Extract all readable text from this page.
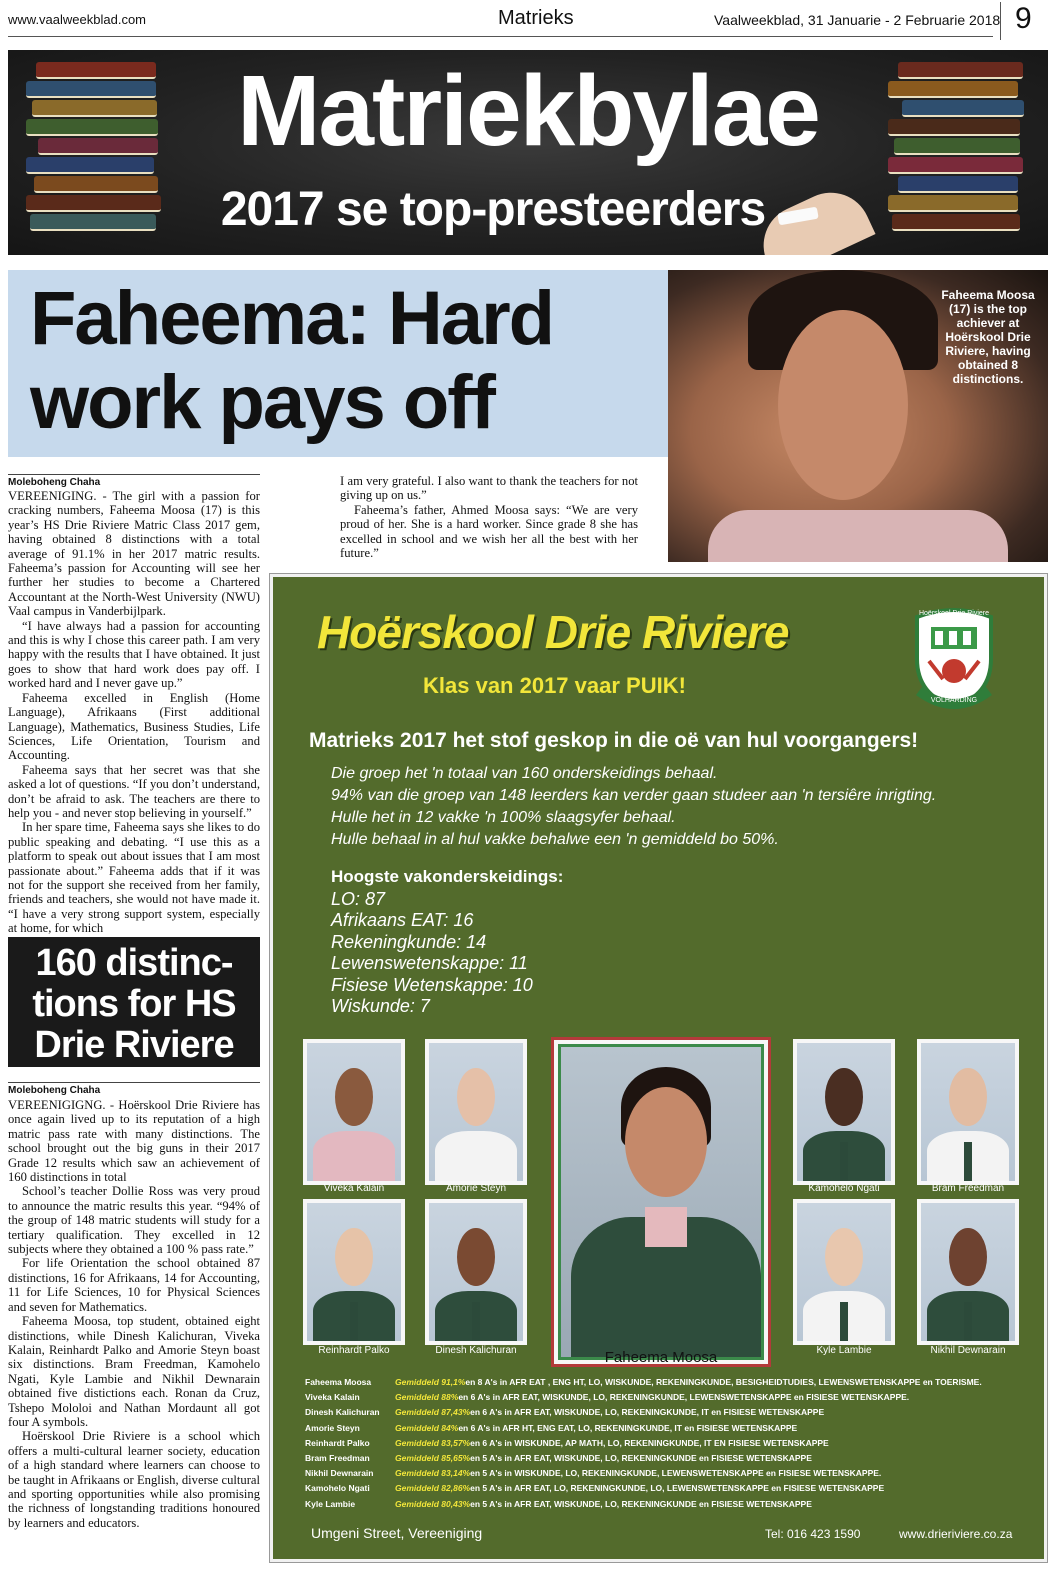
www.vaalweekblad.com	Matrieks	Vaalweekblad, 31 Januarie - 2 Februarie 2018 9
Matriekbylae
2017 se top-presteerders
Faheema: Hard
work pays off
Faheema Moosa (17) is the top achiever at Hoërskool Drie Riviere, having obtained 8 distinctions.
Moleboheng Chaha

VEREENIGING. - The girl with a passion for cracking numbers, Faheema Moosa (17) is this year’s HS Drie Riviere Matric Class 2017 gem, having obtained 8 distinctions with a total average of 91.1% in her 2017 matric results. Faheema’s passion for Accounting will see her further her studies to become a Chartered Accountant at the North-West University (NWU) Vaal campus in Vanderbijlpark.

“I have always had a passion for accounting and this is why I chose this career path. I am very happy with the results that I have obtained. It just goes to show that hard work does pay off. I worked hard and I never gave up.”

Faheema excelled in English (Home Language), Afrikaans (First additional Language), Mathematics, Business Studies, Life Sciences, Life Orientation, Tourism and Accounting.

Faheema says that her secret was that she asked a lot of questions. “If you don’t understand, don’t be afraid to ask. The teachers are there to help you - and never stop believing in yourself.”

In her spare time, Faheema says she likes to do public speaking and debating. “I use this as a platform to speak out about issues that I am most passionate about.” Faheema adds that if it was not for the support she received from her family, friends and teachers, she would not have made it. “I have a very strong support system, especially at home, for which

I am very grateful. I also want to thank the teachers for not giving up on us.”

Faheema’s father, Ahmed Moosa says: “We are very proud of her. She is a hard worker. Since grade 8 she has excelled in school and we wish her all the best with her future.”

160 distinc-
tions for HS
Drie Riviere
Moleboheng Chaha

VEREENIGIGNG. - Hoërskool Drie Riviere has once again lived up to its reputation of a high matric pass rate with many distinctions. The school brought out the big guns in their 2017 Grade 12 results which saw an achievement of 160 distinctions in total

School’s teacher Dollie Ross was very proud to announce the matric results this year. “94% of the group of 148 matric students will study for a tertiary qualification. They excelled in 12 subjects where they obtained a 100 % pass rate.”

For life Orientation the school obtained 87 distinctions, 16 for Afrikaans, 14 for Accounting, 11 for Life Sciences, 10 for Physical Sciences and seven for Mathematics.

Faheema Moosa, top student, obtained eight distinctions, while Dinesh Kalichuran, Viveka Kalain, Reinhardt Palko and Amorie Steyn boast six distinctions. Bram Freedman, Kamohelo Ngati, Kyle Lambie and Nikhil Dewnarain obtained five distictions each. Ronan da Cruz, Tshepo Mololoi and Nathan Mordaunt all got four A symbols.

Hoërskool Drie Riviere is a school which offers a multi-cultural learner society, education of a high standard where learners can choose to be taught in Afrikaans or English, diverse cultural and sporting opportunities while also promising the richness of longstanding traditions honoured by learners and educators.

Hoërskool Drie Riviere
Klas van 2017 vaar PUIK!
Hoërskool Drie Riviere
VOLHARDING
Matrieks 2017 het stof geskop in die oë van hul voorgangers!
Die groep het 'n totaal van 160 onderskeidings behaal.
94% van die groep van 148 leerders kan verder gaan studeer aan 'n tersiêre inrigting.
Hulle het in 12 vakke 'n 100% slaagsyfer behaal.
Hulle behaal in al hul vakke behalwe een 'n gemiddeld bo 50%.
Hoogste vakonderskeidings:
LO: 87
Afrikaans EAT: 16
Rekeningkunde: 14
Lewenswetenskappe: 11
Fisiese Wetenskappe: 10
Wiskunde: 7
Viveka Kalain	Amorie Steyn
Faheema Moosa
Kamohelo Ngati	Bram Freedman
Reinhardt Palko	Dinesh Kalichuran	Kyle Lambie	Nikhil Dewnarain
Faheema Moosa	Gemiddeld 91,1% en 8 A's in AFR EAT , ENG HT, LO, WISKUNDE, REKENINGKUNDE, BESIGHEIDTUDIES, LEWENSWETENSKAPPE en TOERISME.
Viveka Kalain	Gemiddeld 88% en 6 A's in AFR EAT, WISKUNDE, LO, REKENINGKUNDE, LEWENSWETENSKAPPE en FISIESE WETENSKAPPE.
Dinesh Kalichuran	Gemiddeld 87,43% en 6 A's in AFR EAT, WISKUNDE, LO, REKENINGKUNDE, IT en FISIESE WETENSKAPPE
Amorie Steyn	Gemiddeld 84% en 6 A's in AFR HT, ENG EAT, LO, REKENINGKUNDE, IT en FISIESE WETENSKAPPE
Reinhardt Palko	Gemiddeld 83,57% en 6 A's in WISKUNDE, AP MATH, LO, REKENINGKUNDE, IT EN FISIESE WETENSKAPPE
Bram Freedman	Gemiddeld 85,65% en 5 A's in AFR EAT, WISKUNDE, LO, REKENINGKUNDE en FISIESE WETENSKAPPE
Nikhil Dewnarain	Gemiddeld 83,14% en 5 A's in WISKUNDE, LO, REKENINGKUNDE, LEWENSWETENSKAPPE en FISIESE WETENSKAPPE.
Kamohelo Ngati	Gemiddeld 82,86% en 5 A's in AFR EAT, LO, REKENINGKUNDE, LO, LEWENSWETENSKAPPE en FISIESE WETENSKAPPE
Kyle Lambie	Gemiddeld 80,43% en 5 A's in AFR EAT, WISKUNDE, LO, REKENINGKUNDE en FISIESE WETENSKAPPE
Umgeni Street, Vereeniging	Tel: 016 423 1590	www.drieriviere.co.za
